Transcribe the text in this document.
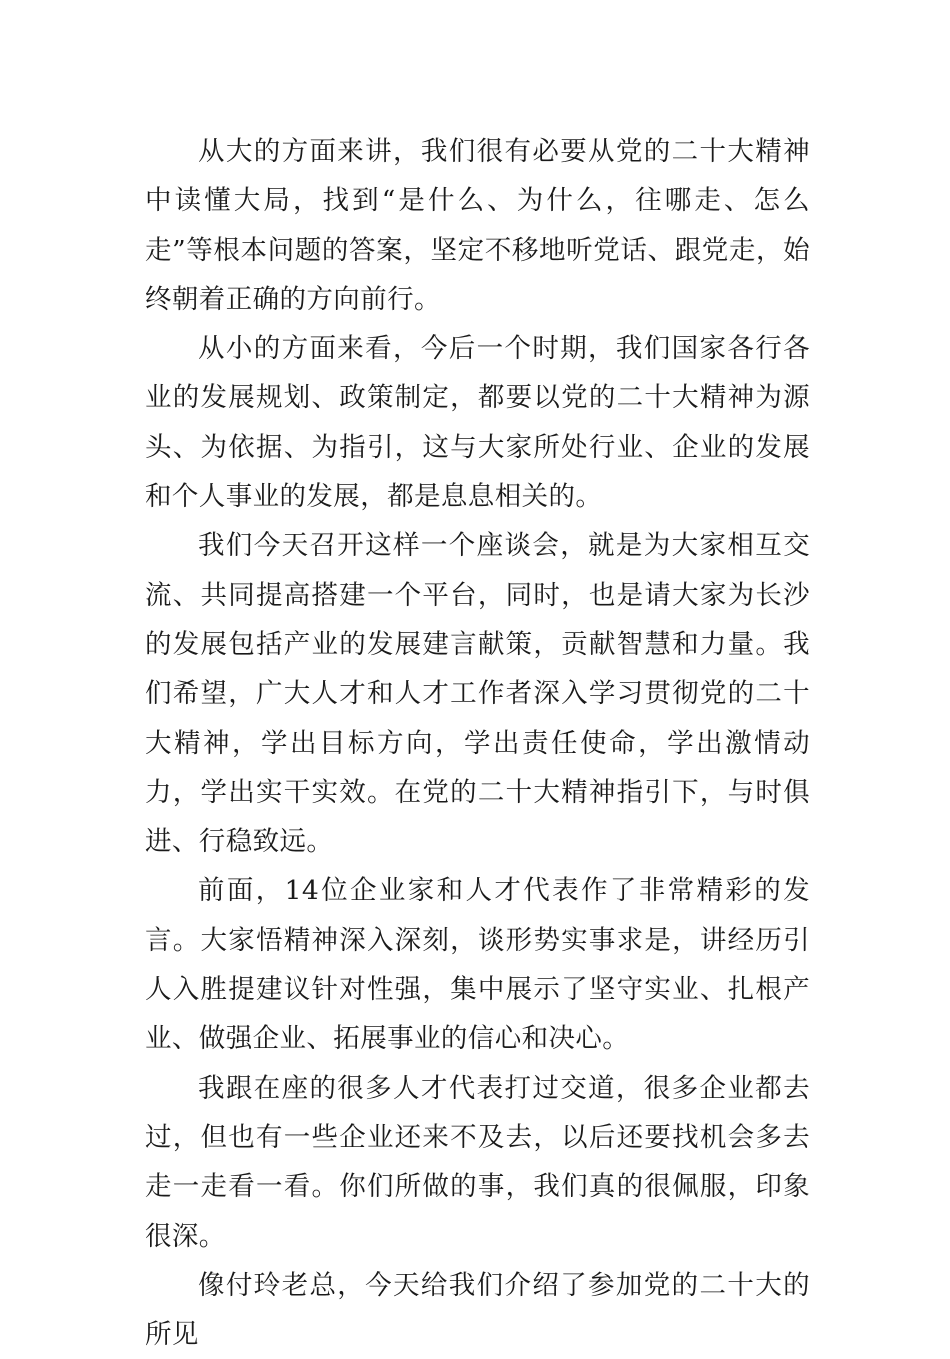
从大的方面来讲，我们很有必要从党的二十大精神中读懂大局，找到“是什么、为什么，往哪走、怎么走”等根本问题的答案，坚定不移地听党话、跟党走，始终朝着正确的方向前行。

从小的方面来看，今后一个时期，我们国家各行各业的发展规划、政策制定，都要以党的二十大精神为源头、为依据、为指引，这与大家所处行业、企业的发展和个人事业的发展，都是息息相关的。

我们今天召开这样一个座谈会，就是为大家相互交流、共同提高搭建一个平台，同时，也是请大家为长沙的发展包括产业的发展建言献策，贡献智慧和力量。我们希望，广大人才和人才工作者深入学习贯彻党的二十大精神，学出目标方向，学出责任使命，学出激情动力，学出实干实效。在党的二十大精神指引下，与时俱进、行稳致远。

前面，14位企业家和人才代表作了非常精彩的发言。大家悟精神深入深刻，谈形势实事求是，讲经历引人入胜提建议针对性强，集中展示了坚守实业、扎根产业、做强企业、拓展事业的信心和决心。

我跟在座的很多人才代表打过交道，很多企业都去过，但也有一些企业还来不及去，以后还要找机会多去走一走看一看。你们所做的事，我们真的很佩服，印象很深。

像付玲老总，今天给我们介绍了参加党的二十大的所见
